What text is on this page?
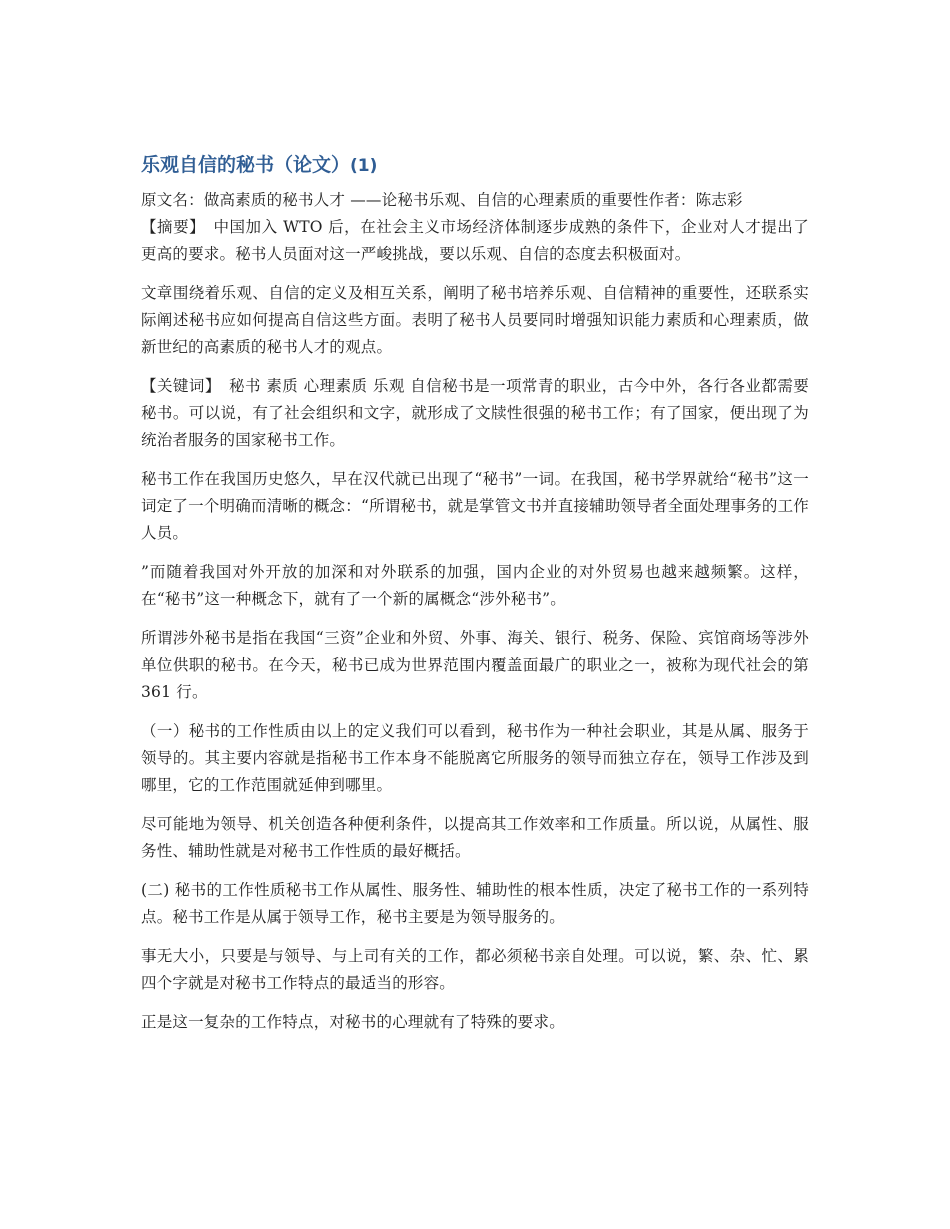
乐观自信的秘书（论文）(1)

原文名：做高素质的秘书人才 ——论秘书乐观、自信的心理素质的重要性作者：陈志彩

【摘要】　中国加入 WTO 后，在社会主义市场经济体制逐步成熟的条件下，企业对人才提出了更高的要求。秘书人员面对这一严峻挑战，要以乐观、自信的态度去积极面对。

文章围绕着乐观、自信的定义及相互关系，阐明了秘书培养乐观、自信精神的重要性，还联系实际阐述秘书应如何提高自信这些方面。表明了秘书人员要同时增强知识能力素质和心理素质，做新世纪的高素质的秘书人才的观点。

【关键词】　秘书 素质 心理素质 乐观 自信秘书是一项常青的职业，古今中外，各行各业都需要秘书。可以说，有了社会组织和文字，就形成了文牍性很强的秘书工作；有了国家，便出现了为统治者服务的国家秘书工作。

秘书工作在我国历史悠久，早在汉代就已出现了“秘书”一词。在我国，秘书学界就给“秘书”这一词定了一个明确而清晰的概念：“所谓秘书，就是掌管文书并直接辅助领导者全面处理事务的工作人员。

”而随着我国对外开放的加深和对外联系的加强，国内企业的对外贸易也越来越频繁。这样，在“秘书”这一种概念下，就有了一个新的属概念“涉外秘书”。

所谓涉外秘书是指在我国“三资”企业和外贸、外事、海关、银行、税务、保险、宾馆商场等涉外单位供职的秘书。在今天，秘书已成为世界范围内覆盖面最广的职业之一，被称为现代社会的第 361 行。

（一）秘书的工作性质由以上的定义我们可以看到，秘书作为一种社会职业，其是从属、服务于领导的。其主要内容就是指秘书工作本身不能脱离它所服务的领导而独立存在，领导工作涉及到哪里，它的工作范围就延伸到哪里。

尽可能地为领导、机关创造各种便利条件，以提高其工作效率和工作质量。所以说，从属性、服务性、辅助性就是对秘书工作性质的最好概括。

(二) 秘书的工作性质秘书工作从属性、服务性、辅助性的根本性质，决定了秘书工作的一系列特点。秘书工作是从属于领导工作，秘书主要是为领导服务的。

事无大小，只要是与领导、与上司有关的工作，都必须秘书亲自处理。可以说，繁、杂、忙、累四个字就是对秘书工作特点的最适当的形容。

正是这一复杂的工作特点，对秘书的心理就有了特殊的要求。
